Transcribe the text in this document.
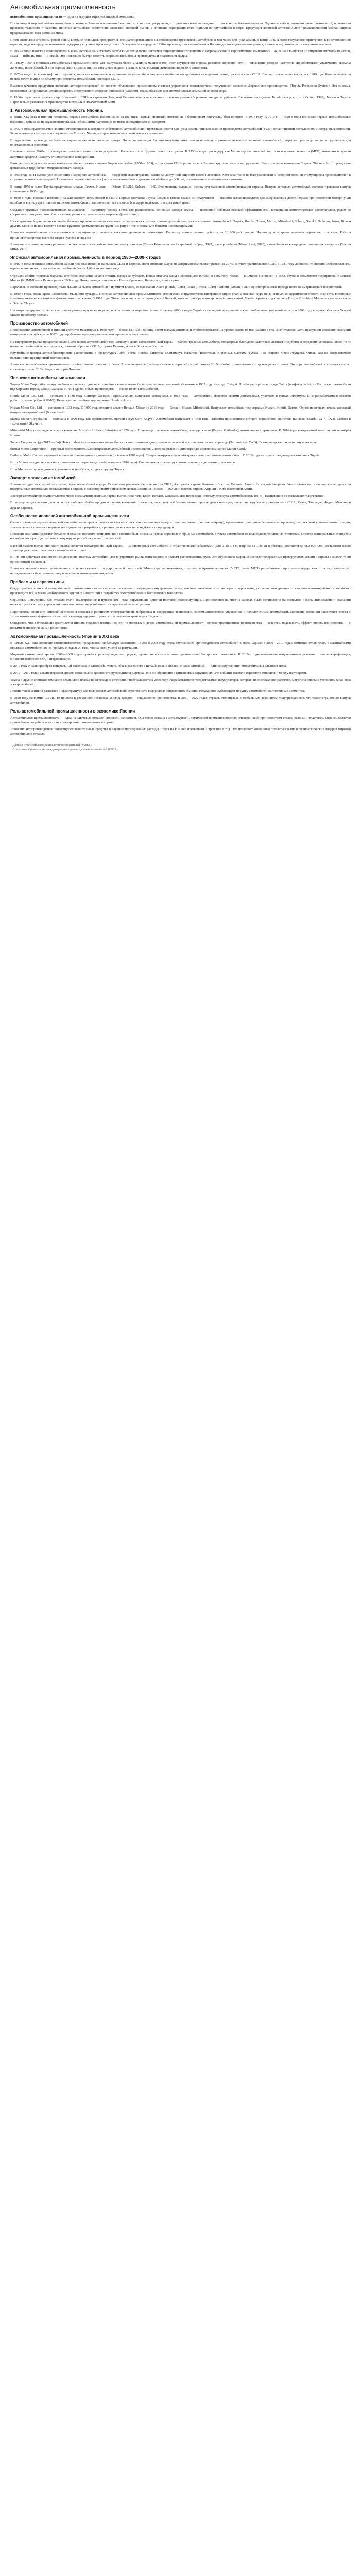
Автомобильная промышленность

автомобильная промышленность — одна из ведущих отраслей мировой экономики

После второй мировой войны автомобилестроение в Японии и основном было почти полностью разрушено, и страна отставала от западных стран в автомобильной отрасли. Однако за счёт применения новых технологий, повышения производительности и качества японские автомобили постепенно завоевали мировой рынок, а японские корпорации стали одними из крупнейших в мире. Продукция японской автомобильной промышленности сейчас широко представлена во всех регионах мира.

После окончания Второй мировой войны в стране появились предприятия, специализировавшиеся на производстве грузовиков и автобусов, в том числе для нужд армии. В конце 1940-х годов государство приступило к восстановлению отрасли, выделяя кредиты и оказывая поддержку крупным производителям. В результате к середине 1950-х производство автомобилей в Японии достигло довоенного уровня, а затем продолжило расти высокими темпами.

В 1950-е годы японские производители начали активно заимствовать зарубежные технологии, заключая лицензионные соглашения с американскими и европейскими компаниями. Так, Nissan выпускал по лицензии автомобили Austin, Isuzu — Hillman, Hino — Renault. Это позволило быстро освоить современные методы производства и подготовить кадры.

К началу 1960-х японская автомобильная промышленность уже выпускала более миллиона машин в год. Рост внутреннего спроса, развитие дорожной сети и повышение доходов населения способствовали увеличению выпуска легковых автомобилей. В этот период были созданы многие известные модели, ставшие впоследствии символами японского автопрома.

В 1970-х годах, во время нефтяного кризиса, японские компактные и экономичные автомобили оказались особенно востребованы на мировом рынке, прежде всего в США. Экспорт значительно вырос, и к 1980 году Япония вышла на первое место в мире по объёму производства автомобилей, опередив США.

Высокое качество продукции японских автопроизводителей во многом объясняется применением системы управления производством, получившей название «бережливое производство» (Toyota Production System). Эта система, основанная на принципах «точно вовремя» и постоянного совершенствования (кайдзен), стала образцом для автомобильных компаний во всём мире.

В 1980-е годы из-за торговых противоречий с США и странами Западной Европы японские компании стали открывать сборочные заводы за рубежом. Первыми это сделали Honda (завод в штате Огайо, 1982), Nissan и Toyota. Параллельно развивалось производство в странах Юго-Восточной Азии.

1. Автомобильная промышленность Японии.

В конце XIX века в Японии появились первые автомобили, ввезённые из-за границы. Первый японский автомобиль с бензиновым двигателем был построен в 1907 году. В 1910-е — 1920-е годы возникли первые автомобильные компании, однако их продукция выпускалась небольшими партиями и не могла конкурировать с импортом.

В 1930-е годы правительство Японии, стремившееся к созданию собственной автомобильной промышленности для нужд армии, приняло закон о производстве автомобилей (1936), ограничивший деятельность иностранных компаний. Были основаны крупные производители — Toyota и Nissan, которые начали массовый выпуск грузовиков.

В годы войны производство было переориентировано на военные нужды. После капитуляции Японии оккупационные власти поначалу ограничивали выпуск легковых автомобилей, разрешая производство лишь грузовиков для восстановления экономики.

Начиная с конца 1940-х, производство легковых машин было разрешено. Началась эпоха бурного развития отрасли. В 1950-е годы при поддержке Министерства внешней торговли и промышленности (MITI) компании получали льготные кредиты и защиту от иностранной конкуренции.

Важную роль в развитии японского автомобилестроения сыграла Корейская война (1950—1953), когда армия США разместила в Японии крупные заказы на грузовики. Это позволило компаниям Toyota, Nissan и Isuzu преодолеть финансовые трудности и модернизировать заводы.

В 1955 году MITI выдвинуло концепцию «народного автомобиля» — недорогой малолитражной машины, доступной широким слоям населения. Хотя план так и не был реализован в исходном виде, он стимулировал производителей к созданию компактных моделей. Появились первые «кей-кары» (kei car) — автомобили с двигателем объёмом до 360 см³, пользовавшиеся налоговыми льготами.

В конце 1950-х годов Toyota представила модель Crown, Nissan — Datsun 110/210, Subaru — 360. Эти машины заложили основу для массовой автомобилизации страны. Выпуск легковых автомобилей впервые превысил выпуск грузовиков в 1968 году.

В 1960-е годы японские компании начали экспорт автомобилей в США. Первые поставки Toyota Crown и Datsun оказались неудачными — машины плохо подходили для американских дорог. Однако производители быстро учли ошибки, и к концу десятилетия японские автомобили стали пользоваться спросом благодаря надёжности и доступной цене.

Создание крупных производственных комплексов — например, города Тоёта, где расположены основные заводы Toyota, — позволило добиться высокой эффективности. Поставщики комплектующих располагались рядом со сборочными заводами, что облегчило внедрение системы «точно вовремя» (just-in-time).

На сегодняшний день японская автомобильная промышленность включает около десятка крупных производителей легковых и грузовых автомобилей: Toyota, Honda, Nissan, Mazda, Mitsubishi, Subaru, Suzuki, Daihatsu, Isuzu, Hino и другие. Многие из них входят в состав крупных промышленных групп (кэйрэцу) и тесно связаны с банками и поставщиками.

Японская автомобильная промышленность традиционно отличается высоким уровнем автоматизации. По числу промышленных роботов на 10 000 работающих Япония долгое время занимала первое место в мире. Роботы применяются прежде всего на сварке кузовов и окраске.

Японские компании активно развивают новые технологии: гибридные силовые установки (Toyota Prius — первый серийный гибрид, 1997), электромобили (Nissan Leaf, 2010), автомобили на водородных топливных элементах (Toyota Mirai, 2014).

Японская автомобильная промышленность в период 1980—2000-х годов

В 1980-е годы японские автомобили заняли прочные позиции на рынках США и Европы. Доля японских марок на американском рынке превысила 20 %. В ответ правительство США в 1981 году добилось от Японии «добровольного» ограничения экспорта легковых автомобилей (квота 1,68 млн машин в год).

Стремясь обойти торговые барьеры, японские компании начали строить заводы за рубежом. Honda открыла завод в Мэрисвилле (Огайо) в 1982 году, Nissan — в Смирне (Теннесси) в 1983, Toyota в совместном предприятии с General Motors (NUMMI) — в Калифорнии в 1984 году. Позже заводы появились в Великобритании, Канаде и других странах.

Параллельно японские производители вышли на рынок автомобилей премиум-класса, создав марки Acura (Honda, 1986), Lexus (Toyota, 1989) и Infiniti (Nissan, 1989), ориентированные прежде всего на американских покупателей.

В 1990-е годы, после краха «экономики мыльного пузыря», японская автомобильная промышленность столкнулась с трудностями: внутренний спрос упал, а высокий курс иены снижал конкурентоспособность экспорта. Некоторые компании оказались в тяжёлом финансовом положении. В 1999 году Nissan заключил союз с французской Renault, которая приобрела контрольный пакет акций. Mazda перешла под контроль Ford, а Mitsubishi Motors вступила в альянс с DaimlerChrysler.

Несмотря на трудности, японские производители продолжали укреплять позиции на мировом рынке. К началу 2000-х годов Toyota стала одной из крупнейших автомобильных компаний мира, а в 2008 году впервые обогнала General Motors по объёму продаж.

Производство автомобилей

Производство автомобилей в Японии достигло максимума в 1990 году — более 13,4 млн единиц. Затем выпуск снизился и стабилизировался на уровне около 10 млн машин в год. Значительная часть продукции японских компаний выпускается за рубежом: в 2007 году зарубежное производство впервые превысило внутреннее.

На внутреннем рынке продаётся около 5 млн новых автомобилей в год. Большую долю составляют «кей-кары» — малолитражные автомобили, популярные благодаря налоговым льготам и удобству в городских условиях. Около 40 % новых автомобилей экспортируется, главным образом в США, страны Европы, Азии и Ближнего Востока.

Крупнейшие центры автомобилестроения расположены в префектурах Айти (Тоёта, Нагоя), Сидзуока (Хамамацу), Канагава (Иокогама), Хиросима, Сайтама, Гумма и на острове Кюсю (Фукуока, Оита). Там же сосредоточено большинство предприятий-поставщиков.

Японская автомобильная промышленность обеспечивает занятость более 5 млн человек (с учётом смежных отраслей) и даёт около 20 % объёма промышленного производства страны. Экспорт автомобилей и комплектующих составляет около 20 % общего экспорта Японии.

Японские автомобильные компании

Toyota Motor Corporation — крупнейшая японская и одна из крупнейших в мире автомобилестроительных компаний. Основана в 1937 году Киитиро Тоёдой. Штаб-квартира — в городе Тоёта (префектура Айти). Выпускает автомобили под марками Toyota, Lexus, Daihatsu, Hino. Годовой объём производства — около 10 млн автомобилей.

Honda Motor Co., Ltd. — основана в 1948 году Соитиро Хондой. Первоначально выпускала мотоциклы, с 1963 года — автомобили. Известна своими двигателями, участием в гонках «Формулы-1» и разработками в области робототехники (робот ASIMO). Выпускает автомобили под марками Honda и Acura.

Nissan Motor Co., Ltd. — основана в 1933 году. С 1999 года входит в альянс Renault–Nissan (с 2016 года — Renault–Nissan–Mitsubishi). Выпускает автомобили под марками Nissan, Infiniti, Datsun. Одной из первых начала массовый выпуск электромобилей (Nissan Leaf).

Mazda Motor Corporation — основана в 1920 году как производитель пробки (Toyo Cork Kogyo). Автомобили выпускает с 1960 года. Известна применением роторно-поршневого двигателя Ванкеля (Mazda RX-7, RX-8, Cosmo) и технологией SkyActiv.

Mitsubishi Motors — выделилась из концерна Mitsubishi Heavy Industries в 1970 году. Производит легковые автомобили, внедорожники (Pajero, Outlander), коммерческий транспорт. В 2016 году контрольный пакет акций приобрёл Nissan.

Subaru Corporation (до 2017 — Fuji Heavy Industries) — известна автомобилями с оппозитными двигателями и системой постоянного полного привода (Symmetrical AWD). Также выпускает авиационную технику.

Suzuki Motor Corporation — крупный производитель малолитражных автомобилей и мотоциклов. Лидер на рынке Индии через дочернюю компанию Maruti Suzuki.

Daihatsu Motor Co. — старейший японский производитель двигателей (основан в 1907 году). Специализируется на «кей-карах» и малолитражных автомобилях. С 2016 года — полностью дочерняя компания Toyota.

Isuzu Motors — один из старейших японских автопроизводителей (история с 1916 года). Специализируется на грузовиках, пикапах и дизельных двигателях.

Hino Motors — производитель грузовиков и автобусов, входит в группу Toyota.

Экспорт японских автомобилей

Япония — один из крупнейших экспортёров автомобилей в мире. Основными рынками сбыта являются США, Австралия, страны Ближнего Востока, Европы, Азии и Латинской Америки. Значительная часть экспорта приходится на подержанные автомобили, поставляемые в страны с левосторонним движением (Новая Зеландия, Россия — Дальний Восток, страны Африки и Юго-Восточной Азии).

Экспорт автомобилей осуществляется через специализированные порты: Нагоя, Иокогама, Кобе, Тоёхаси, Кавасаки. Для перевозки используются суда-автомобилевозы (ro-ro), вмещающие до нескольких тысяч машин.

В последние десятилетия доля экспорта в общем объёме продаж японских компаний снижается, поскольку всё больше машин производится непосредственно на зарубежных заводах — в США, Китае, Таиланде, Индии, Мексике и других странах.

Особенности японской автомобильной промышленности

Отличительными чертами японской автомобильной промышленности являются: высокая степень кооперации с поставщиками (система кэйрэцу), применение принципов бережливого производства, высокий уровень автоматизации, значительные вложения в научные исследования и разработки, ориентация на качество и надёжность продукции.

Японские компании уделяют большое внимание экологичности: именно в Японии были созданы первые серийные гибридные автомобили, а также автомобили на водородных топливных элементах. Строгие национальные стандарты по выбросам и расходу топлива стимулируют разработку новых технологий.

Важной особенностью японского рынка является популярность «кей-каров» — миниатюрных автомобилей с ограниченными габаритами (длина до 3,4 м, ширина до 1,48 м) и объёмом двигателя до 660 см³. Они составляют около трети продаж новых легковых автомобилей в стране.

В Японии действует левостороннее движение, поэтому автомобили для внутреннего рынка выпускаются с правым расположением руля. Это обусловило широкий экспорт подержанных праворульных машин в страны с аналогичной организацией движения.

Японская автомобильная промышленность тесно связана с государственной политикой. Министерство экономики, торговли и промышленности (METI, ранее MITI) разрабатывает программы поддержки отрасли, стимулирует исследования в области новых видов топлива и автономного вождения.

Проблемы и перспективы

Среди проблем японской автомобильной промышленности — старение населения и сокращение внутреннего рынка, высокая зависимость от экспорта и курса иены, усиление конкуренции со стороны южнокорейских и китайских производителей, а также необходимость крупных инвестиций в разработку электромобилей и беспилотных технологий.

Серьёзным испытанием для отрасли стали землетрясение и цунами 2011 года, нарушившие цепочки поставок комплектующих. Производство на многих заводах было остановлено на несколько недель. Впоследствии компании пересмотрели систему управления запасами, повысив устойчивость к чрезвычайным ситуациям.

Перспективы японского автомобилестроения связаны с развитием электромобилей, гибридных и водородных технологий, систем автономного управления и подключённых автомобилей. Японские компании заключают союзы с технологическими фирмами и участвуют в международных проектах по созданию транспорта будущего.

Ожидается, что в ближайшие десятилетия Япония сохранит позиции одного из мировых лидеров автомобильной промышленности, сочетая традиционные преимущества — качество, надёжность, эффективность производства — с новыми технологическими решениями.

Автомобильная промышленность Японии в XXI веке

В начале XXI века японские автопроизводители продолжили глобальную экспансию. Toyota в 2008 году стала крупнейшим производителем автомобилей в мире. Однако в 2009—2010 годах компания столкнулась с масштабными отзывами автомобилей из-за проблем с педалями газа, что нанесло ущерб её репутации.

Мировой финансовый кризис 2008—2009 годов привёл к резкому падению продаж, однако японские компании сравнительно быстро восстановились. В 2010-е годы основными направлениями развития стали электрификация, снижение выбросов CO₂ и цифровизация.

В 2016 году Nissan приобрёл контрольный пакет акций Mitsubishi Motors, образовав вместе с Renault альянс Renault–Nissan–Mitsubishi — один из крупнейших автомобильных альянсов мира.

В 2018—2019 годах альянс пережил кризис, связанный с арестом его руководителя Карлоса Гона по обвинению в финансовых нарушениях. Это событие вызвало пересмотр отношений между партнёрами.

Toyota и другие японские компании объявили о планах по переходу к углеродной нейтральности к 2050 году. Разрабатываются твердотельные аккумуляторы, которые, по оценкам специалистов, могут значительно увеличить запас хода электромобилей.

Япония также активно развивает инфраструктуру для водородных автомобилей: строится сеть водородных заправочных станций, государство субсидирует покупку автомобилей на топливных элементах.

В 2020 году пандемия COVID-19 привела к временной остановке многих заводов и сокращению производства. В 2021—2022 годах отрасль столкнулась с глобальным дефицитом полупроводников, что также ограничило выпуск автомобилей.

Роль автомобильной промышленности в экономике Японии

Автомобильная промышленность — одна из ключевых отраслей японской экономики. Она тесно связана с металлургией, химической промышленностью, электроникой, производством стекла, резины и пластмасс. Отрасль является крупнейшим потребителем стали и электронных компонентов в стране.

Японские автопроизводители инвестируют значительные средства в научные исследования: расходы Toyota на НИОКР превышают 1 трлн иен в год. Это позволяет компаниям оставаться в числе технологических лидеров мировой автомобильной отрасли.

↑ Данные Японской ассоциации автопроизводителей (JAMA).
↑ Статистика Организации международных производителей автомобилей (OICA).
